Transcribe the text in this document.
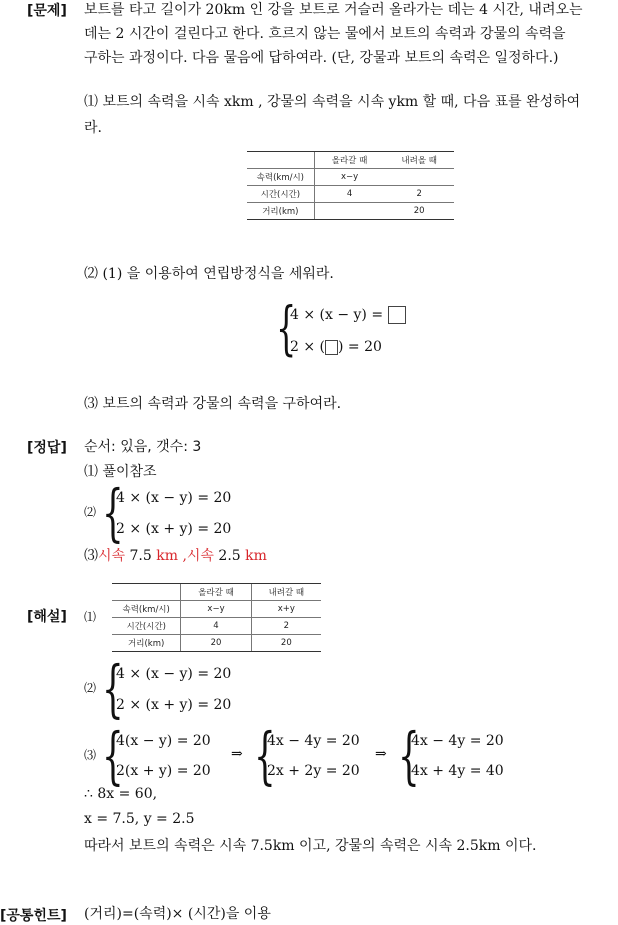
[문제] 보트를 타고 길이가 20km 인 강을 보트로 거슬러 올라가는 데는 4 시간, 내려오는
데는 2 시간이 걸린다고 한다. 흐르지 않는 물에서 보트의 속력과 강물의 속력을
구하는 과정이다. 다음 물음에 답하여라. (단, 강물과 보트의 속력은 일정하다.)
⑴ 보트의 속력을 시속 xkm , 강물의 속력을 시속 ykm 할 때, 다음 표를 완성하여
라.
	올라갈 때	내려올 때
속력(km/시)	x−y	
시간(시간)	4	2
거리(km)		20
⑵ (1) 을 이용하여 연립방정식을 세워라.
{
4 × (x − y) =
2 × ( ) = 20
⑶ 보트의 속력과 강물의 속력을 구하여라.
[정답] 순서: 있음, 갯수: 3
⑴ 풀이참조
⑵ {
4 × (x − y) = 20
2 × (x + y) = 20
⑶시속 7.5 km ,시속 2.5 km
[해설] ⑴
	올라갈 때	내려갈 때
속력(km/시)	x−y	x+y
시간(시간)	4	2
거리(km)	20	20
⑵ {
4 × (x − y) = 20
2 × (x + y) = 20
⑶ {
4(x − y) = 20
2(x + y) = 20
⇒ {
4x − 4y = 20
2x + 2y = 20
⇒ {
4x − 4y = 20
4x + 4y = 40
∴ 8x = 60,
x = 7.5, y = 2.5
따라서 보트의 속력은 시속 7.5km 이고, 강물의 속력은 시속 2.5km 이다.
[공통힌트] (거리)=(속력)× (시간)을 이용
